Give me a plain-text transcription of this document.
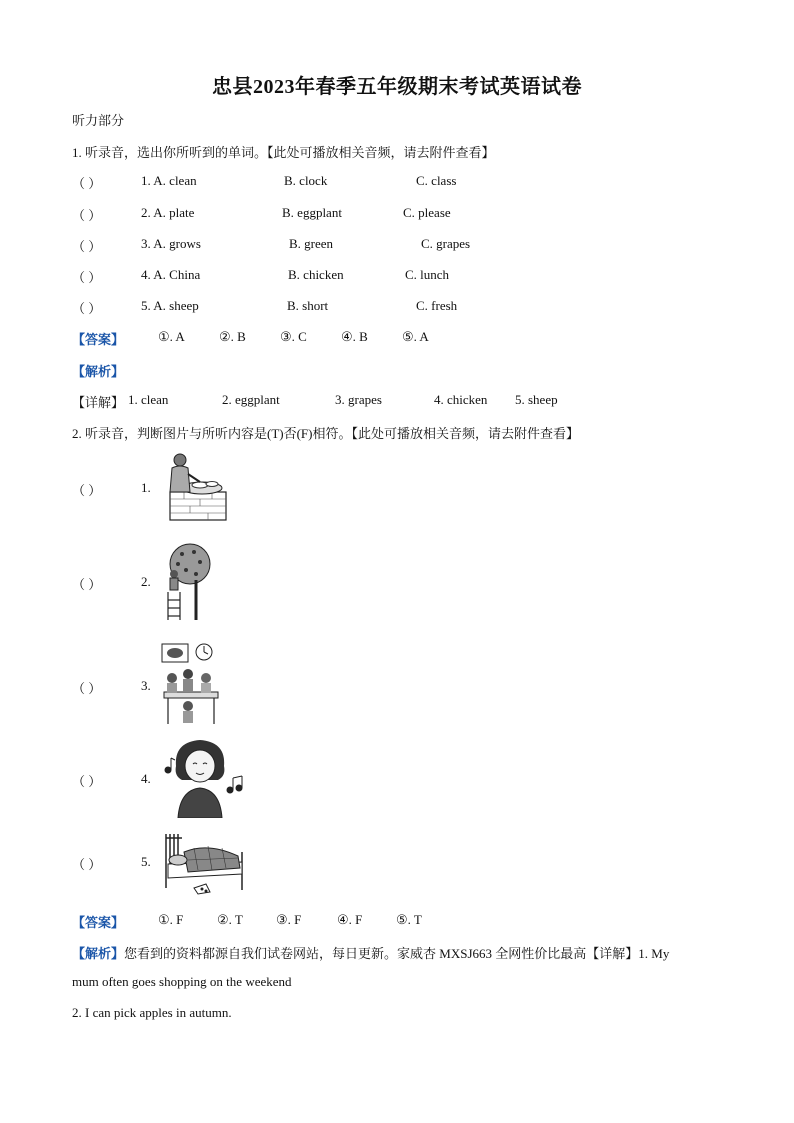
忠县2023年春季五年级期末考试英语试卷
听力部分
1. 听录音，选出你所听到的单词。【此处可播放相关音频，请去附件查看】
（ ）	1. A. clean	B. clock	C. class
（ ）	2. A. plate	B. eggplant	C. please
（ ）	3. A. grows	B. green	C. grapes
（ ）	4. A. China	B. chicken	C. lunch
（ ）	5. A. sheep	B. short	C. fresh
【答案】	①. A	②. B	③. C	④. B	⑤. A
【解析】
【详解】 1. clean	2. eggplant	3. grapes	4. chicken 5. sheep
2. 听录音，判断图片与所听内容是(T)否(F)相符。【此处可播放相关音频，请去附件查看】
（ ）	1.
（ ）	2.
（ ）	3.
（ ）	4.
（ ）	5.
【答案】	①. F	②. T	③. F	④. F	⑤. T
【解析】您看到的资料都源自我们试卷网站，每日更新。家威杏 MXSJ663 全网性价比最高【详解】1. My
mum often goes shopping on the weekend
2. I can pick apples in autumn.
